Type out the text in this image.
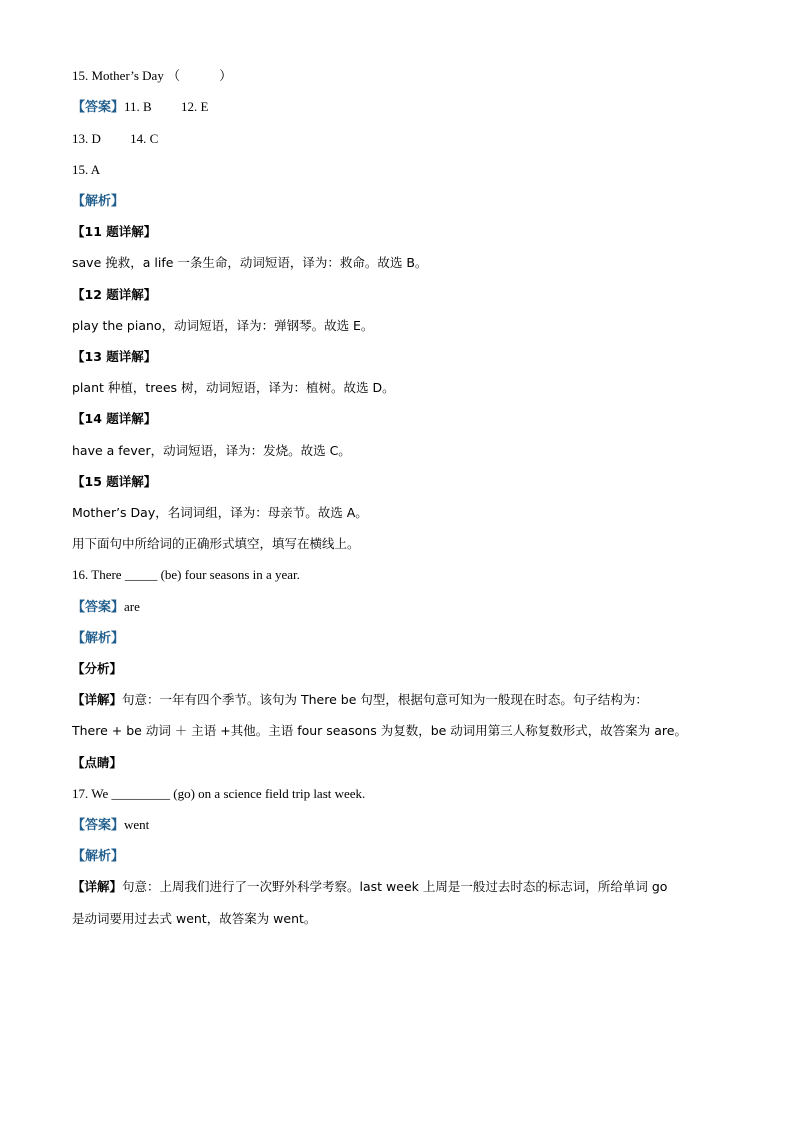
15. Mother’s Day （　　　）
【答案】11. B　　 12. E
13. D　　 14. C
15. A
【解析】
【11 题详解】
save 挽救，a life 一条生命，动词短语，译为：救命。故选 B。
【12 题详解】
play the piano，动词短语，译为：弹钢琴。故选 E。
【13 题详解】
plant 种植，trees 树，动词短语，译为：植树。故选 D。
【14 题详解】
have a fever，动词短语，译为：发烧。故选 C。
【15 题详解】
Mother’s Day，名词词组，译为：母亲节。故选 A。
用下面句中所给词的正确形式填空，填写在横线上。
16. There _____ (be) four seasons in a year.
【答案】are
【解析】
【分析】
【详解】句意：一年有四个季节。该句为 There be 句型，根据句意可知为一般现在时态。句子结构为：
There + be 动词 ＋ 主语 +其他。主语 four seasons 为复数，be 动词用第三人称复数形式，故答案为 are。
【点睛】
17. We _________ (go) on a science field trip last week.
【答案】went
【解析】
【详解】句意：上周我们进行了一次野外科学考察。last week 上周是一般过去时态的标志词，所给单词 go
是动词要用过去式 went，故答案为 went。
